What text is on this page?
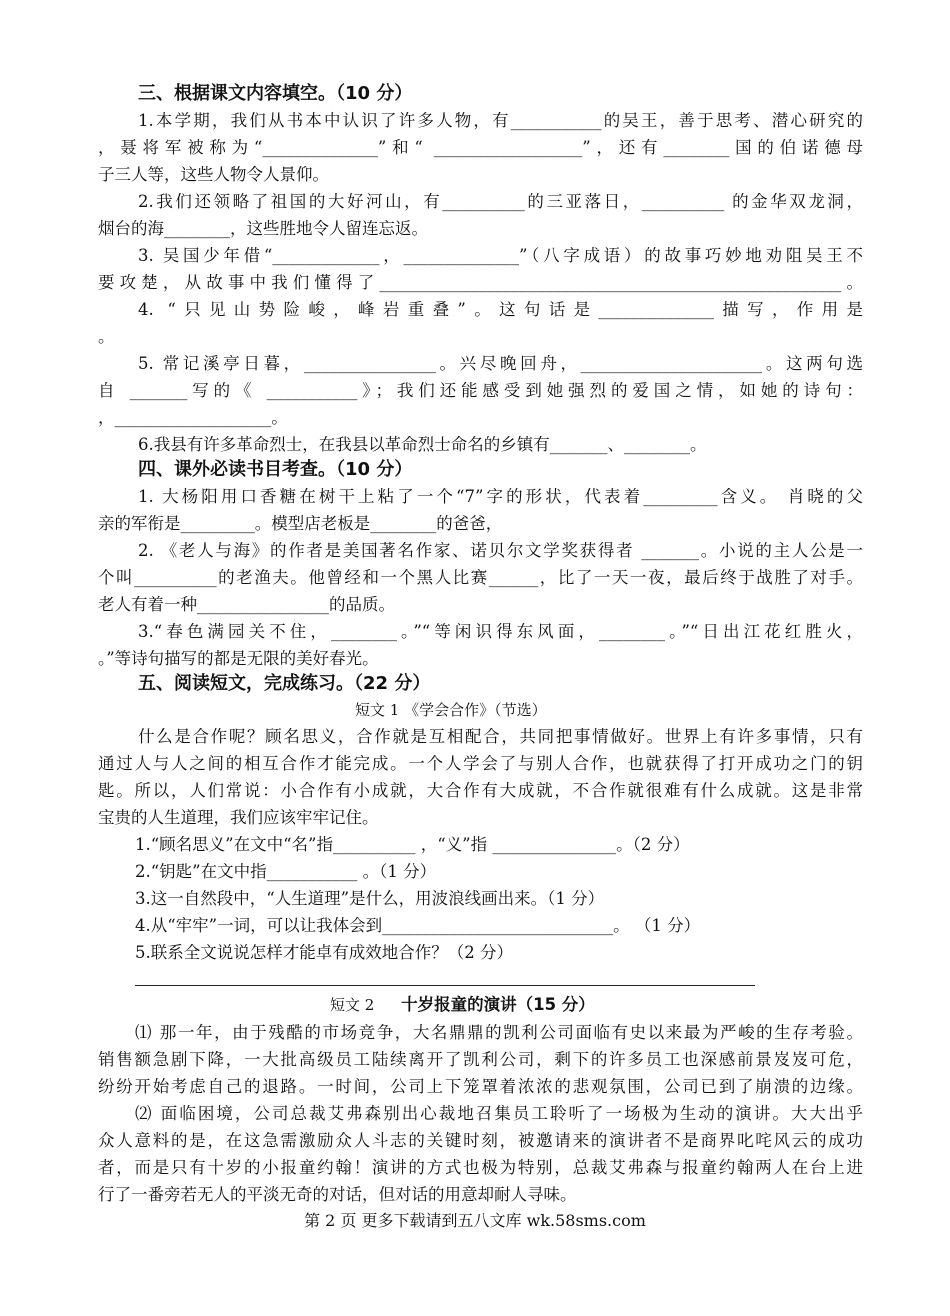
三、根据课文内容填空。（10 分）
1.本学期，我们从书本中认识了许多人物，有___________的吴王，善于思考、潜心研究的
，聂将军被称为“______________”和“ __________________”，还有________国的伯诺德母
子三人等，这些人物令人景仰。
2.我们还领略了祖国的大好河山，有__________的三亚落日，__________ 的金华双龙洞，
烟台的海________，这些胜地令人留连忘返。
3. 吴国少年借“_____________，______________”（八字成语）的故事巧妙地劝阻吴王不
要攻楚，从故事中我们懂得了________________________________________________________。
4. “只见山势险峻，峰岩重叠”。这句话是______________描写，作用是
。
5. 常记溪亭日暮，________________。兴尽晚回舟，______________________。这两句选
自 _______写的《 ___________》；我们还能感受到她强烈的爱国之情，如她的诗句：
，___________________。
6.我县有许多革命烈士，在我县以革命烈士命名的乡镇有_______、________。
四、课外必读书目考查。（10 分）
1. 大杨阳用口香糖在树干上粘了一个“7”字的形状，代表着_________含义。 肖晓的父
亲的军衔是_________。模型店老板是________的爸爸，
2. 《老人与海》的作者是美国著名作家、诺贝尔文学奖获得者 _______。小说的主人公是一
个叫__________的老渔夫。他曾经和一个黑人比赛______，比了一天一夜，最后终于战胜了对手。
老人有着一种________________的品质。
3.“春色满园关不住，________。”“等闲识得东风面，________。”“日出江花红胜火，
。”等诗句描写的都是无限的美好春光。
五、阅读短文，完成练习。（22 分）
短文 1 《学会合作》（节选）
什么是合作呢？顾名思义，合作就是互相配合，共同把事情做好。世界上有许多事情，只有
通过人与人之间的相互合作才能完成。一个人学会了与别人合作，也就获得了打开成功之门的钥
匙。所以，人们常说：小合作有小成就，大合作有大成就，不合作就很难有什么成就。这是非常
宝贵的人生道理，我们应该牢牢记住。
1.“顾名思义”在文中“名”指__________ ，“义”指 _______________。（2 分）
2.“钥匙”在文中指___________ 。（1 分）
3.这一自然段中，“人生道理”是什么，用波浪线画出来。（1 分）
4.从“牢牢”一词，可以让我体会到____________________________。 （1 分）
5.联系全文说说怎样才能卓有成效地合作？（2 分）
短文 2 十岁报童的演讲（15 分）
⑴ 那一年，由于残酷的市场竞争，大名鼎鼎的凯利公司面临有史以来最为严峻的生存考验。
销售额急剧下降，一大批高级员工陆续离开了凯利公司，剩下的许多员工也深感前景岌岌可危，
纷纷开始考虑自己的退路。一时间，公司上下笼罩着浓浓的悲观氛围，公司已到了崩溃的边缘。
⑵ 面临困境，公司总裁艾弗森别出心裁地召集员工聆听了一场极为生动的演讲。大大出乎
众人意料的是，在这急需激励众人斗志的关键时刻，被邀请来的演讲者不是商界叱咤风云的成功
者，而是只有十岁的小报童约翰！演讲的方式也极为特别，总裁艾弗森与报童约翰两人在台上进
行了一番旁若无人的平淡无奇的对话，但对话的用意却耐人寻味。
第 2 页 更多下载请到五八文库 wk.58sms.com
